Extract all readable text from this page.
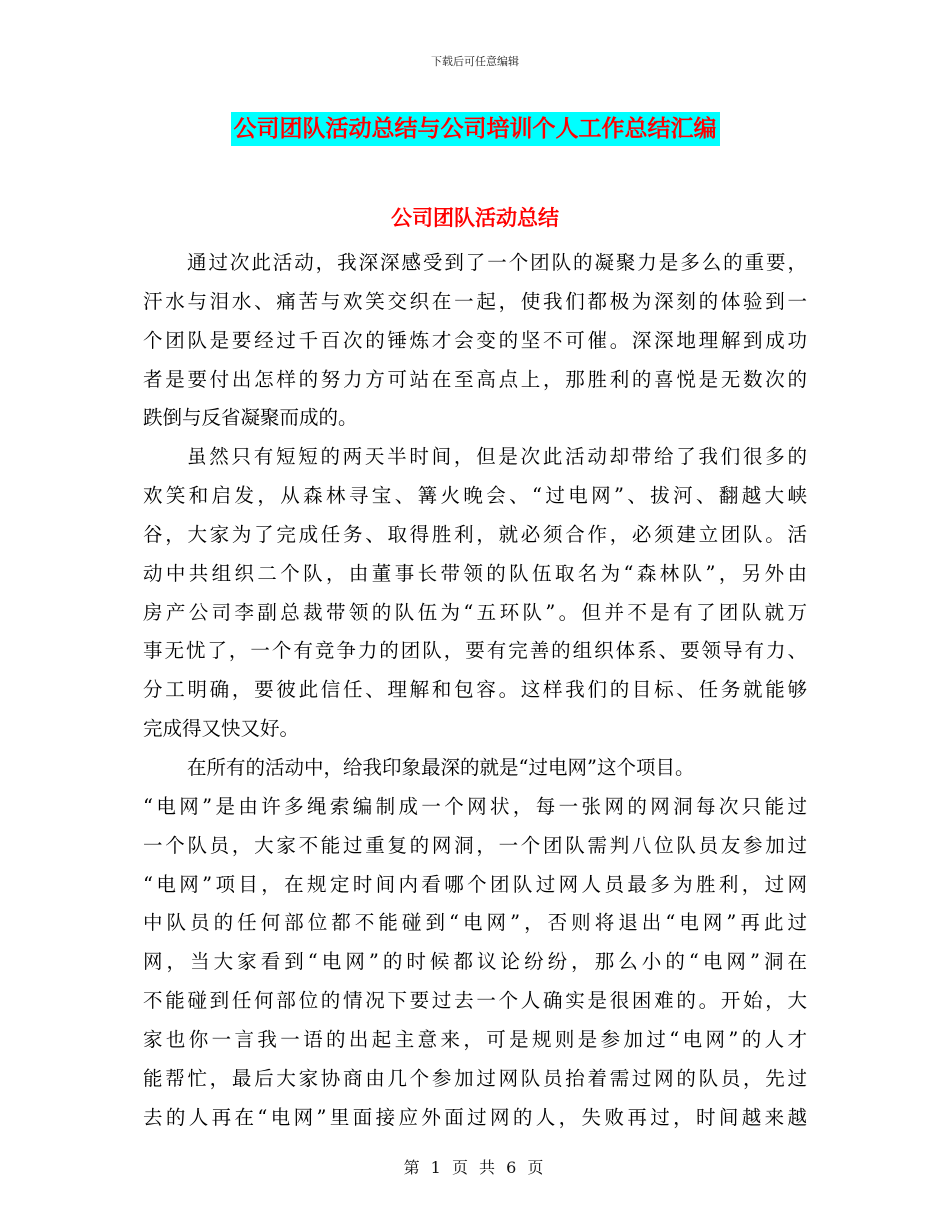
下载后可任意编辑
公司团队活动总结与公司培训个人工作总结汇编
公司团队活动总结
通过次此活动，我深深感受到了一个团队的凝聚力是多么的重要，
汗水与泪水、痛苦与欢笑交织在一起，使我们都极为深刻的体验到一
个团队是要经过千百次的锤炼才会变的坚不可催。深深地理解到成功
者是要付出怎样的努力方可站在至高点上，那胜利的喜悦是无数次的
跌倒与反省凝聚而成的。
虽然只有短短的两天半时间，但是次此活动却带给了我们很多的
欢笑和启发，从森林寻宝、篝火晚会、“过电网”、拔河、翻越大峡
谷，大家为了完成任务、取得胜利，就必须合作，必须建立团队。活
动中共组织二个队，由董事长带领的队伍取名为“森林队”，另外由
房产公司李副总裁带领的队伍为“五环队”。但并不是有了团队就万
事无忧了，一个有竞争力的团队，要有完善的组织体系、要领导有力、
分工明确，要彼此信任、理解和包容。这样我们的目标、任务就能够
完成得又快又好。
在所有的活动中，给我印象最深的就是“过电网”这个项目。
“电网”是由许多绳索编制成一个网状，每一张网的网洞每次只能过
一个队员，大家不能过重复的网洞，一个团队需判八位队员友参加过
“电网”项目，在规定时间内看哪个团队过网人员最多为胜利，过网
中队员的任何部位都不能碰到“电网”，否则将退出“电网”再此过
网，当大家看到“电网”的时候都议论纷纷，那么小的“电网”洞在
不能碰到任何部位的情况下要过去一个人确实是很困难的。开始，大
家也你一言我一语的出起主意来，可是规则是参加过“电网”的人才
能帮忙，最后大家协商由几个参加过网队员抬着需过网的队员，先过
去的人再在“电网”里面接应外面过网的人，失败再过，时间越来越
第 1 页 共 6 页
